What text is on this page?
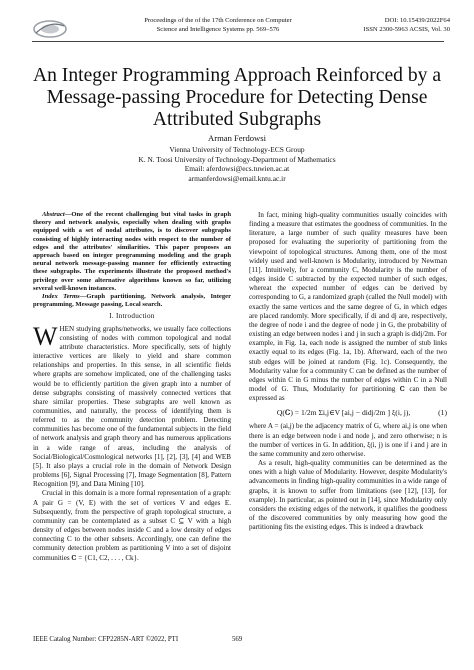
Proceedings of the of the 17th Conference on Computer
Science and Intelligence Systems pp. 569–576
DOI: 10.15439/2022F64
ISSN 2300-5963 ACSIS, Vol. 30
An Integer Programming Approach Reinforced by a Message-passing Procedure for Detecting Dense Attributed Subgraphs
Arman Ferdowsi
Vienna University of Technology-ECS Group
K. N. Toosi University of Technology-Department of Mathematics
Email: aferdowsi@ecs.tuwien.ac.at
armanferdowsi@email.kntu.ac.ir

Abstract—One of the recent challenging but vital tasks in graph theory and network analysis, especially when dealing with graphs equipped with a set of nodal attributes, is to discover subgraphs consisting of highly interacting nodes with respect to the number of edges and the attributes' similarities. This paper proposes an approach based on integer programming modeling and the graph neural network message-passing manner for efficiently extracting these subgraphs. The experiments illustrate the proposed method's privilege over some alternative algorithms known so far, utilizing several well-known instances.

Index Terms—Graph partitioning, Network analysis, Integer programming, Message passing, Local search.

I. Introduction

WHEN studying graphs/networks, we usually face collections consisting of nodes with common topological and nodal attribute characteristics. More specifically, sets of highly interactive vertices are likely to yield and share common relationships and properties. In this sense, in all scientific fields where graphs are somehow implicated, one of the challenging tasks would be to efficiently partition the given graph into a number of dense subgraphs consisting of massively connected vertices that share similar properties. These subgraphs are well known as communities, and naturally, the process of identifying them is referred to as the community detection problem. Detecting communities has become one of the fundamental subjects in the field of network analysis and graph theory and has numerous applications in a wide range of areas, including the analysis of Social/Biological/Cosmological networks [1], [2], [3], [4] and WEB [5]. It also plays a crucial role in the domain of Network Design problems [6], Signal Processing [7], Image Segmentation [8], Pattern Recognition [9], and Data Mining [10].

Crucial in this domain is a more formal representation of a graph: A pair G = (V, E) with the set of vertices V and edges E. Subsequently, from the perspective of graph topological structure, a community can be contemplated as a subset C ⊆ V with a high density of edges between nodes inside C and a low density of edges connecting C to the other subsets. Accordingly, one can define the community detection problem as partitioning V into a set of disjoint communities 𝐂 = {C1, C2, . . . , Ck}.

In fact, mining high-quality communities usually coincides with finding a measure that estimates the goodness of communities. In the literature, a large number of such quality measures have been proposed for evaluating the superiority of partitioning from the viewpoint of topological structures. Among them, one of the most widely used and well-known is Modularity, introduced by Newman [11]. Intuitively, for a community C, Modularity is the number of edges inside C subtracted by the expected number of such edges, whereat the expected number of edges can be derived by corresponding to G, a randomized graph (called the Null model) with exactly the same vertices and the same degree of G, in which edges are placed randomly. More specifically, if di and dj are, respectively, the degree of node i and the degree of node j in G, the probability of existing an edge between nodes i and j in such a graph is didj/2m. For example, in Fig. 1a, each node is assigned the number of stub links exactly equal to its edges (Fig. 1a, 1b). Afterward, each of the two stub edges will be joined at random (Fig. 1c). Consequently, the Modularity value for a community C can be defined as the number of edges within C in G minus the number of edges within C in a Null model of G. Thus, Modularity for partitioning 𝐂 can then be expressed as

Q(𝐂) = 1/2m Σi,j∈V [ai,j − didj/2m ] ξ(i, j),	(1)

where A = (ai,j) be the adjacency matrix of G, where ai,j is one when there is an edge between node i and node j, and zero otherwise; n is the number of vertices in G. In addition, ξ(i, j) is one if i and j are in the same community and zero otherwise.

As a result, high-quality communities can be determined as the ones with a high value of Modularity. However, despite Modularity's advancements in finding high-quality communities in a wide range of graphs, it is known to suffer from limitations (see [12], [13], for example). In particular, as pointed out in [14], since Modularity only considers the existing edges of the network, it qualifies the goodness of the discovered communities by only measuring how good the partitioning fits the existing edges. This is indeed a drawback

IEEE Catalog Number: CFP2285N-ART ©2022, PTI	569
